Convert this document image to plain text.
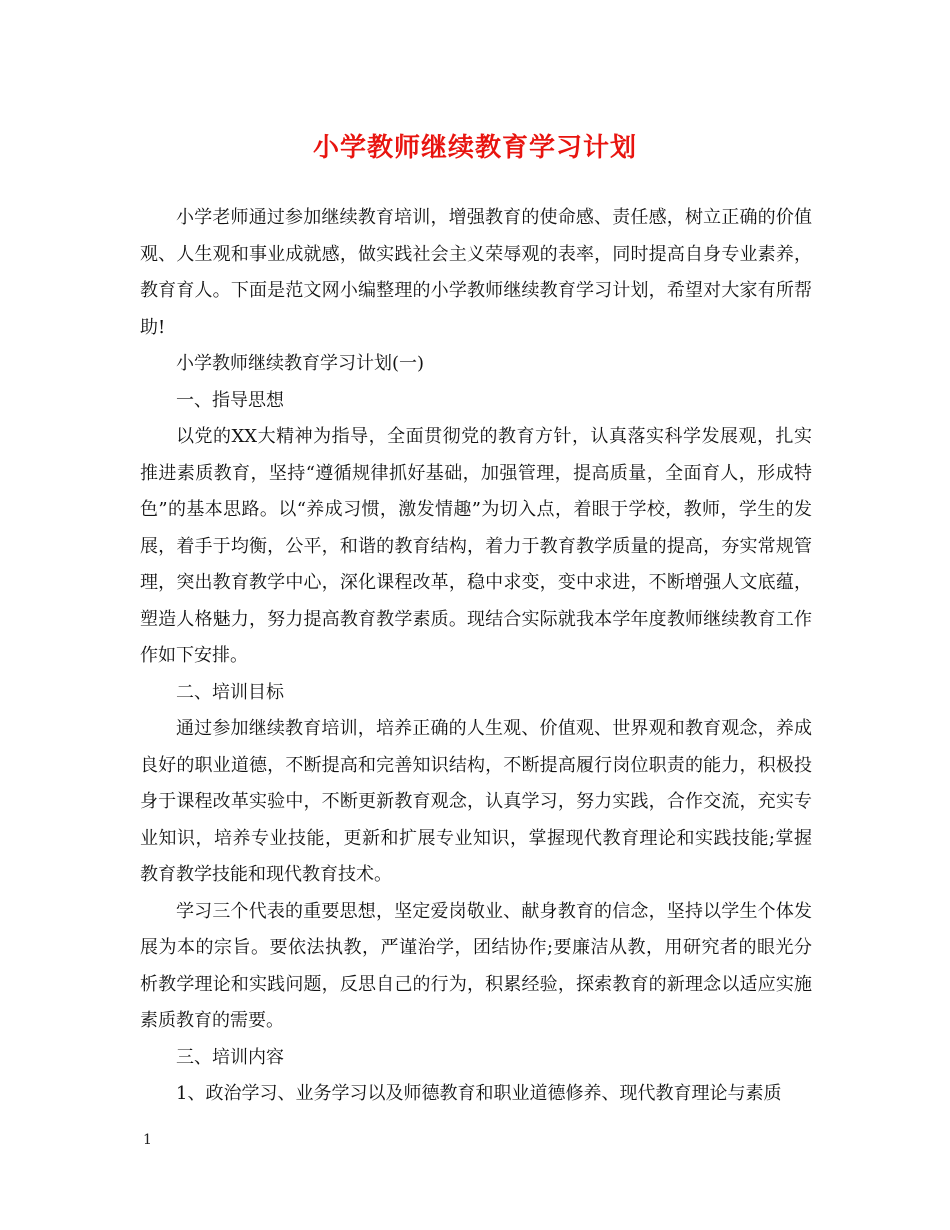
小学教师继续教育学习计划

小学老师通过参加继续教育培训，增强教育的使命感、责任感，树立正确的价值观、人生观和事业成就感，做实践社会主义荣辱观的表率，同时提高自身专业素养，教育育人。下面是范文网小编整理的小学教师继续教育学习计划，希望对大家有所帮助!

小学教师继续教育学习计划(一)

一、指导思想

以党的XX大精神为指导，全面贯彻党的教育方针，认真落实科学发展观，扎实推进素质教育，坚持“遵循规律抓好基础，加强管理，提高质量，全面育人，形成特色”的基本思路。以“养成习惯，激发情趣”为切入点，着眼于学校，教师，学生的发展，着手于均衡，公平，和谐的教育结构，着力于教育教学质量的提高，夯实常规管理，突出教育教学中心，深化课程改革，稳中求变，变中求进，不断增强人文底蕴，塑造人格魅力，努力提高教育教学素质。现结合实际就我本学年度教师继续教育工作作如下安排。

二、培训目标

通过参加继续教育培训，培养正确的人生观、价值观、世界观和教育观念，养成良好的职业道德，不断提高和完善知识结构，不断提高履行岗位职责的能力，积极投身于课程改革实验中，不断更新教育观念，认真学习，努力实践，合作交流，充实专业知识，培养专业技能，更新和扩展专业知识，掌握现代教育理论和实践技能;掌握教育教学技能和现代教育技术。

学习三个代表的重要思想，坚定爱岗敬业、献身教育的信念，坚持以学生个体发展为本的宗旨。要依法执教，严谨治学，团结协作;要廉洁从教，用研究者的眼光分析教学理论和实践问题，反思自己的行为，积累经验，探索教育的新理念以适应实施素质教育的需要。

三、培训内容

1、政治学习、业务学习以及师德教育和职业道德修养、现代教育理论与素质

1
